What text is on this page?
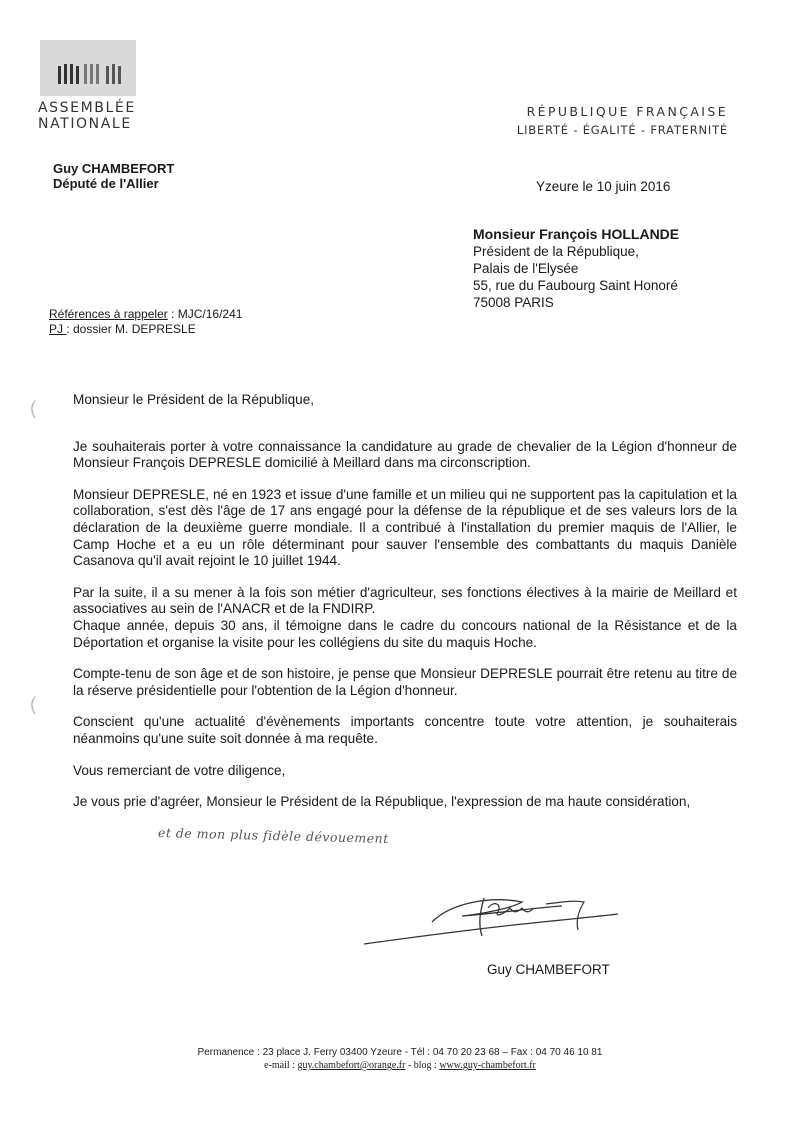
ASSEMBLÉE
NATIONALE
RÉPUBLIQUE FRANÇAISE
LIBERTÉ - ÉGALITÉ - FRATERNITÉ
Guy CHAMBEFORT
Député de l'Allier	Yzeure le 10 juin 2016
Monsieur François HOLLANDE
Président de la République,
Palais de l'Elysée
55, rue du Faubourg Saint Honoré
75008 PARIS
Références à rappeler : MJC/16/241
PJ : dossier M. DEPRESLE
(
(

Monsieur le Président de la République,

Je souhaiterais porter à votre connaissance la candidature au grade de chevalier de la Légion d'honneur de Monsieur François DEPRESLE domicilié à Meillard dans ma circonscription.

Monsieur DEPRESLE, né en 1923 et issue d'une famille et un milieu qui ne supportent pas la capitulation et la collaboration, s'est dès l'âge de 17 ans engagé pour la défense de la république et de ses valeurs lors de la déclaration de la deuxième guerre mondiale. Il a contribué à l'installation du premier maquis de l'Allier, le Camp Hoche et a eu un rôle déterminant pour sauver l'ensemble des combattants du maquis Danièle Casanova qu'il avait rejoint le 10 juillet 1944.

Par la suite, il a su mener à la fois son métier d'agriculteur, ses fonctions électives à la mairie de Meillard et associatives au sein de l'ANACR et de la FNDIRP.

Chaque année, depuis 30 ans, il témoigne dans le cadre du concours national de la Résistance et de la Déportation et organise la visite pour les collégiens du site du maquis Hoche.

Compte-tenu de son âge et de son histoire, je pense que Monsieur DEPRESLE pourrait être retenu au titre de la réserve présidentielle pour l'obtention de la Légion d'honneur.

Conscient qu'une actualité d'évènements importants concentre toute votre attention, je souhaiterais néanmoins qu'une suite soit donnée à ma requête.

Vous remerciant de votre diligence,

Je vous prie d'agréer, Monsieur le Président de la République, l'expression de ma haute considération,

et de mon plus fidèle dévouement
Guy CHAMBEFORT
Permanence : 23 place J. Ferry 03400 Yzeure - Tél : 04 70 20 23 68 – Fax : 04 70 46 10 81
e-mail : guy.chambefort@orange.fr - blog : www.guy-chambefort.fr
